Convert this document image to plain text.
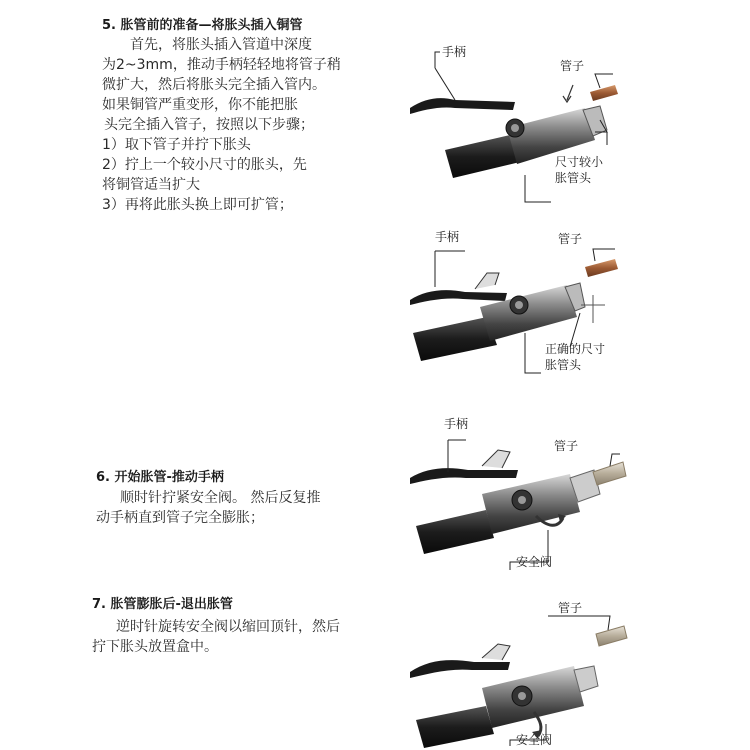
5. 胀管前的准备—将胀头插入铜管
首先，将胀头插入管道中深度
为2~3mm，推动手柄轻轻地将管子稍
微扩大，然后将胀头完全插入管内。
如果铜管严重变形，你不能把胀
头完全插入管子，按照以下步骤；
1）取下管子并拧下胀头
2）拧上一个较小尺寸的胀头，先
将铜管适当扩大
3）再将此胀头换上即可扩管；
6. 开始胀管-推动手柄
顺时针拧紧安全阀。 然后反复推
动手柄直到管子完全膨胀；
7. 胀管膨胀后-退出胀管
逆时针旋转安全阀以缩回顶针，然后
拧下胀头放置盒中。
手柄
管子
尺寸较小
胀管头
手柄	管子
正确的尺寸
胀管头
手柄
管子
安全阀
管子
安全阀
